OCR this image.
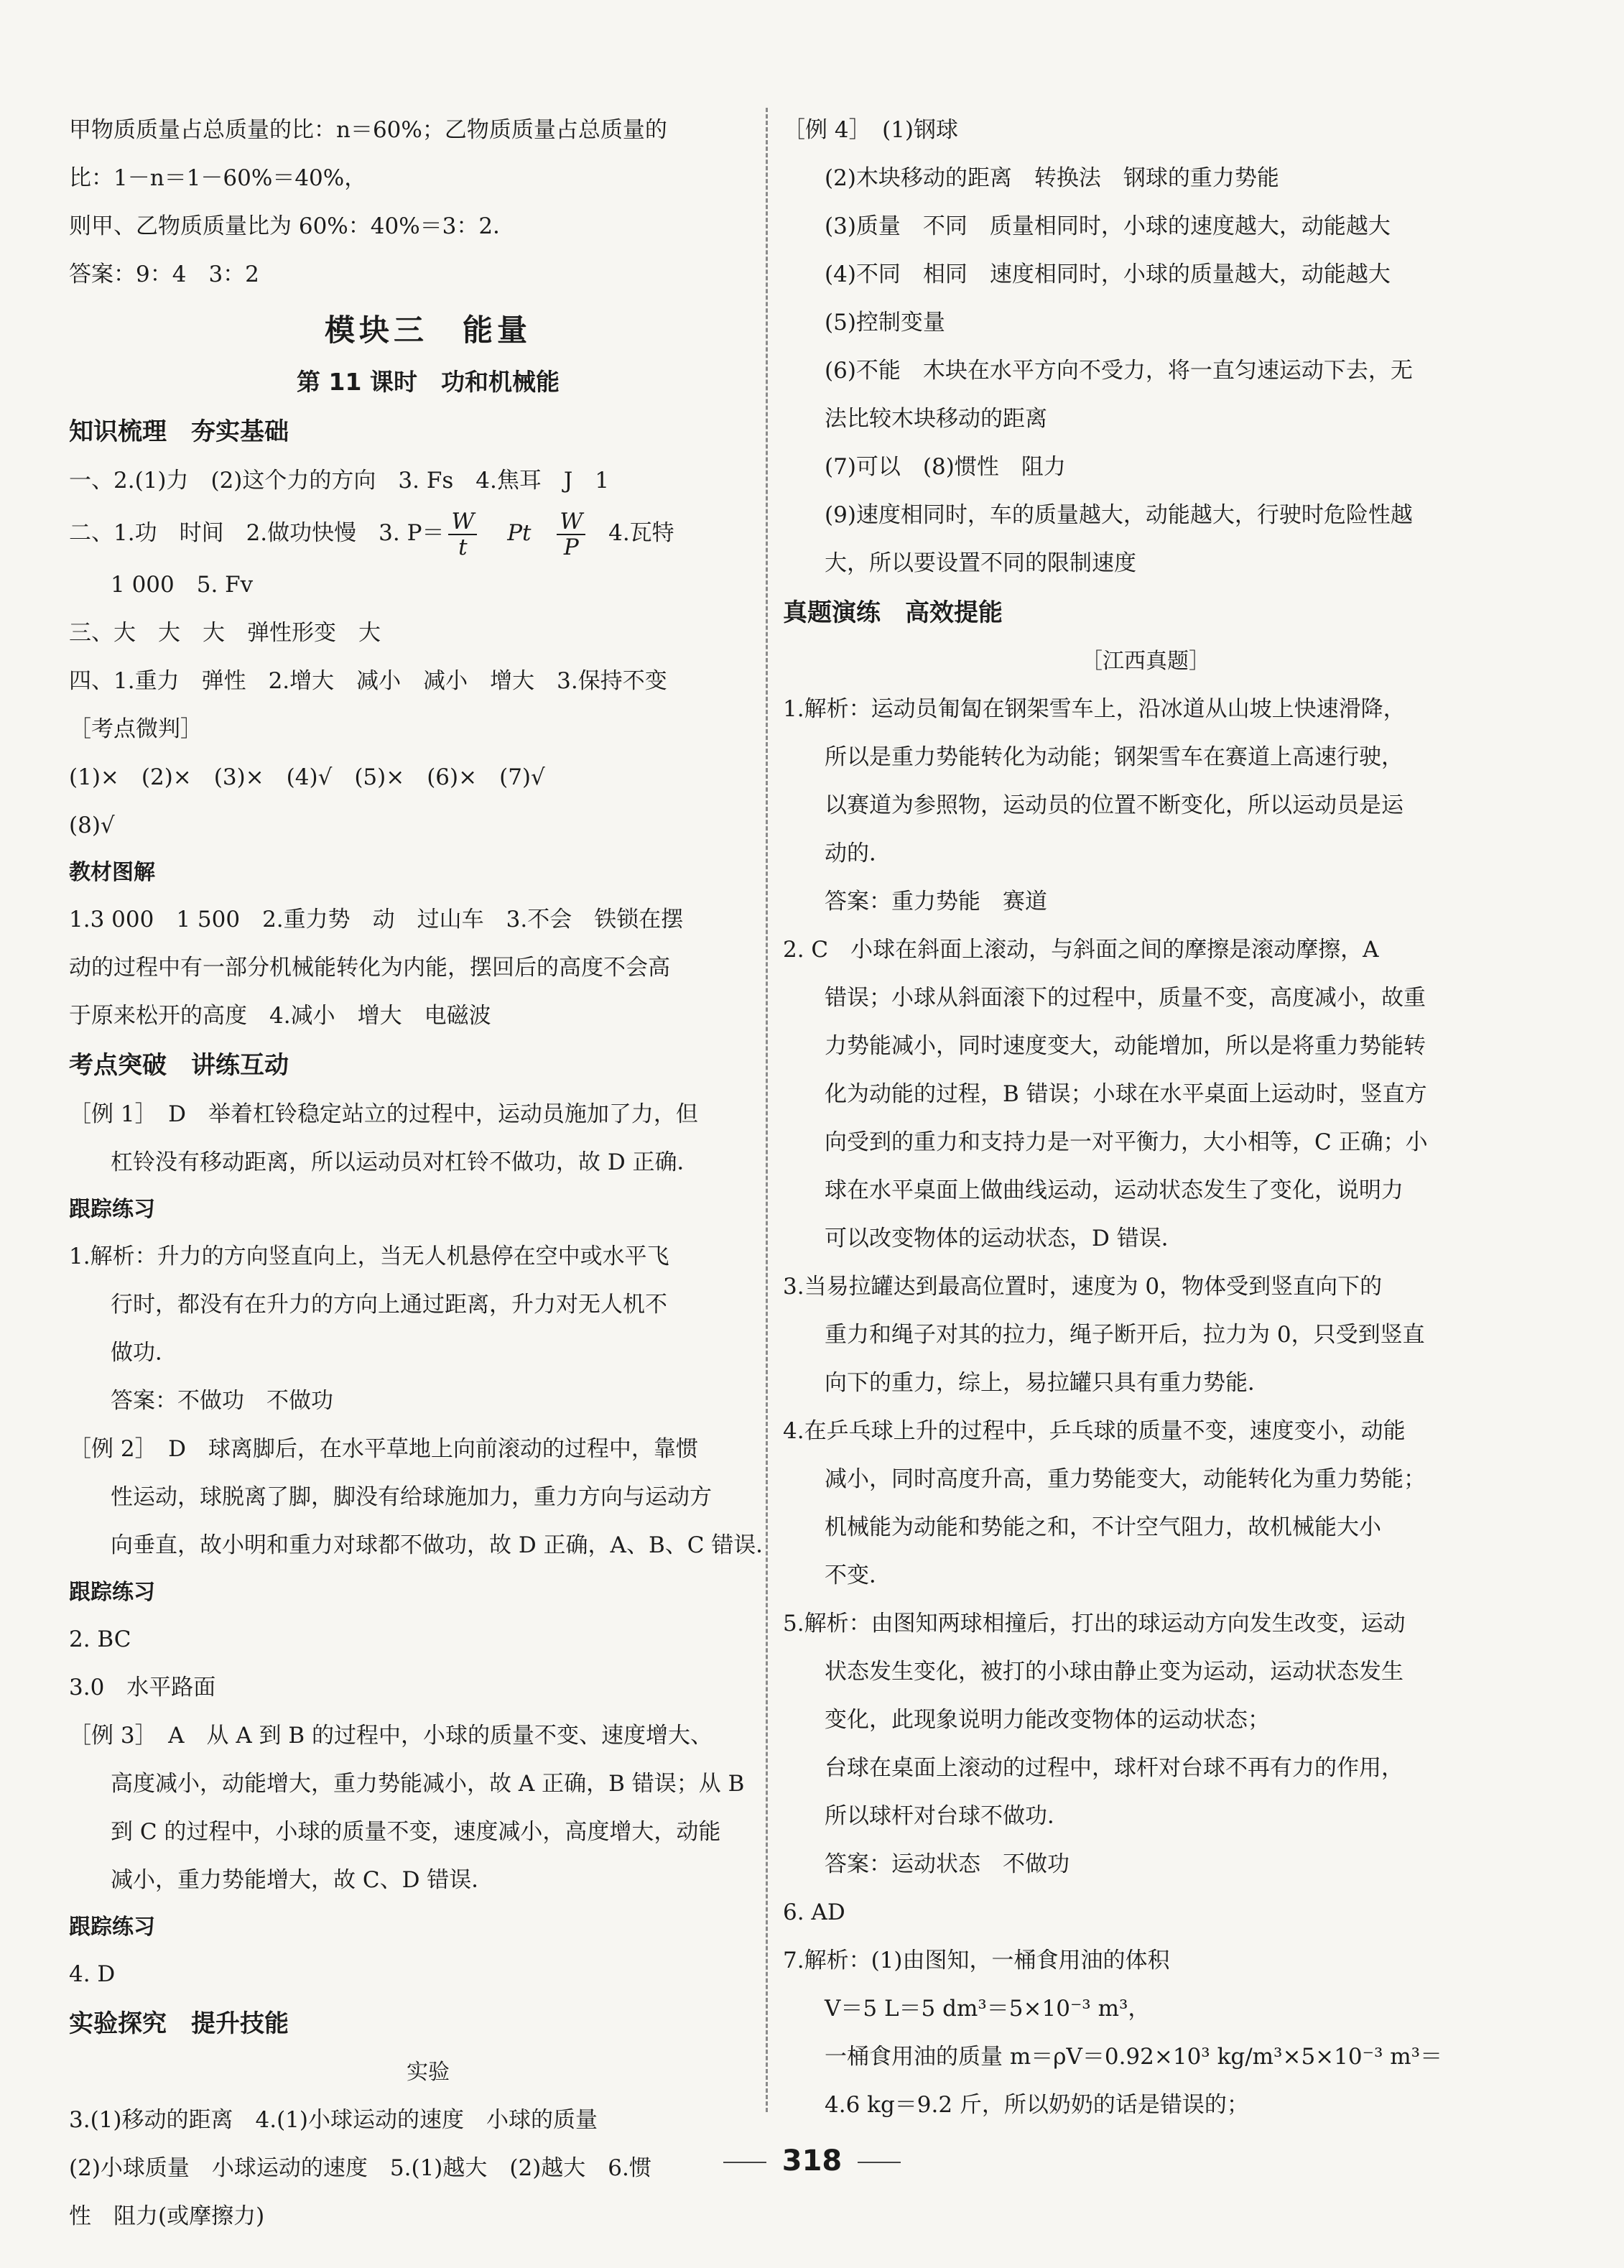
甲物质质量占总质量的比：n＝60%；乙物质质量占总质量的
比：1－n＝1－60%＝40%，
则甲、乙物质质量比为 60%：40%＝3：2．
答案：9：4　3：2
模块三　能量
第 11 课时　功和机械能
知识梳理　夯实基础
一、2.(1)力　(2)这个力的方向　3. Fs　4.焦耳　J　1
二、1.功　时间　2.做功快慢　3. $P= \frac{W}{t}$ Pt $\frac{W}{P} 4$.瓦特
1 000　5. Fv
三、大　大　大　弹性形变　大
四、1.重力　弹性　2.增大　减小　减小　增大　3.保持不变
［考点微判］
(1)×　(2)×　(3)×　(4)√　(5)×　(6)×　(7)√
(8)√
教材图解
1.3 000　1 500　2.重力势　动　过山车　3.不会　铁锁在摆
动的过程中有一部分机械能转化为内能，摆回后的高度不会高
于原来松开的高度　4.减小　增大　电磁波
考点突破　讲练互动
［例 1］　D　举着杠铃稳定站立的过程中，运动员施加了力，但
杠铃没有移动距离，所以运动员对杠铃不做功，故 D 正确．
跟踪练习
1.解析：升力的方向竖直向上，当无人机悬停在空中或水平飞
行时，都没有在升力的方向上通过距离，升力对无人机不
做功．
答案：不做功　不做功
［例 2］　D　球离脚后，在水平草地上向前滚动的过程中，靠惯
性运动，球脱离了脚，脚没有给球施加力，重力方向与运动方
向垂直，故小明和重力对球都不做功，故 D 正确，A、B、C 错误．
跟踪练习
2. BC
3.0　水平路面
［例 3］　A　从 A 到 B 的过程中，小球的质量不变、速度增大、
高度减小，动能增大，重力势能减小，故 A 正确，B 错误；从 B
到 C 的过程中，小球的质量不变，速度减小，高度增大，动能
减小，重力势能增大，故 C、D 错误．
跟踪练习
4. D
实验探究　提升技能
实验
3.(1)移动的距离　4.(1)小球运动的速度　小球的质量
(2)小球质量　小球运动的速度　5.(1)越大　(2)越大　6.惯
性　阻力(或摩擦力)
［例 4］　(1)钢球
(2)木块移动的距离　转换法　钢球的重力势能
(3)质量　不同　质量相同时，小球的速度越大，动能越大
(4)不同　相同　速度相同时，小球的质量越大，动能越大
(5)控制变量
(6)不能　木块在水平方向不受力，将一直匀速运动下去，无
法比较木块移动的距离
(7)可以　(8)惯性　阻力
(9)速度相同时，车的质量越大，动能越大，行驶时危险性越
大，所以要设置不同的限制速度
真题演练　高效提能
［江西真题］
1.解析：运动员匍匐在钢架雪车上，沿冰道从山坡上快速滑降，
所以是重力势能转化为动能；钢架雪车在赛道上高速行驶，
以赛道为参照物，运动员的位置不断变化，所以运动员是运
动的．
答案：重力势能　赛道
2. C　小球在斜面上滚动，与斜面之间的摩擦是滚动摩擦，A
错误；小球从斜面滚下的过程中，质量不变，高度减小，故重
力势能减小，同时速度变大，动能增加，所以是将重力势能转
化为动能的过程，B 错误；小球在水平桌面上运动时，竖直方
向受到的重力和支持力是一对平衡力，大小相等，C 正确；小
球在水平桌面上做曲线运动，运动状态发生了变化，说明力
可以改变物体的运动状态，D 错误．
3.当易拉罐达到最高位置时，速度为 0，物体受到竖直向下的
重力和绳子对其的拉力，绳子断开后，拉力为 0，只受到竖直
向下的重力，综上，易拉罐只具有重力势能．
4.在乒乓球上升的过程中，乒乓球的质量不变，速度变小，动能
减小，同时高度升高，重力势能变大，动能转化为重力势能；
机械能为动能和势能之和，不计空气阻力，故机械能大小
不变．
5.解析：由图知两球相撞后，打出的球运动方向发生改变，运动
状态发生变化，被打的小球由静止变为运动，运动状态发生
变化，此现象说明力能改变物体的运动状态；
台球在桌面上滚动的过程中，球杆对台球不再有力的作用，
所以球杆对台球不做功．
答案：运动状态　不做功
6. AD
7.解析：(1)由图知，一桶食用油的体积
V＝5 L＝5 dm³＝5×10⁻³ m³，
一桶食用油的质量 m＝ρV＝0.92×10³ kg/m³×5×10⁻³ m³＝
4.6 kg＝9.2 斤，所以奶奶的话是错误的；
318
